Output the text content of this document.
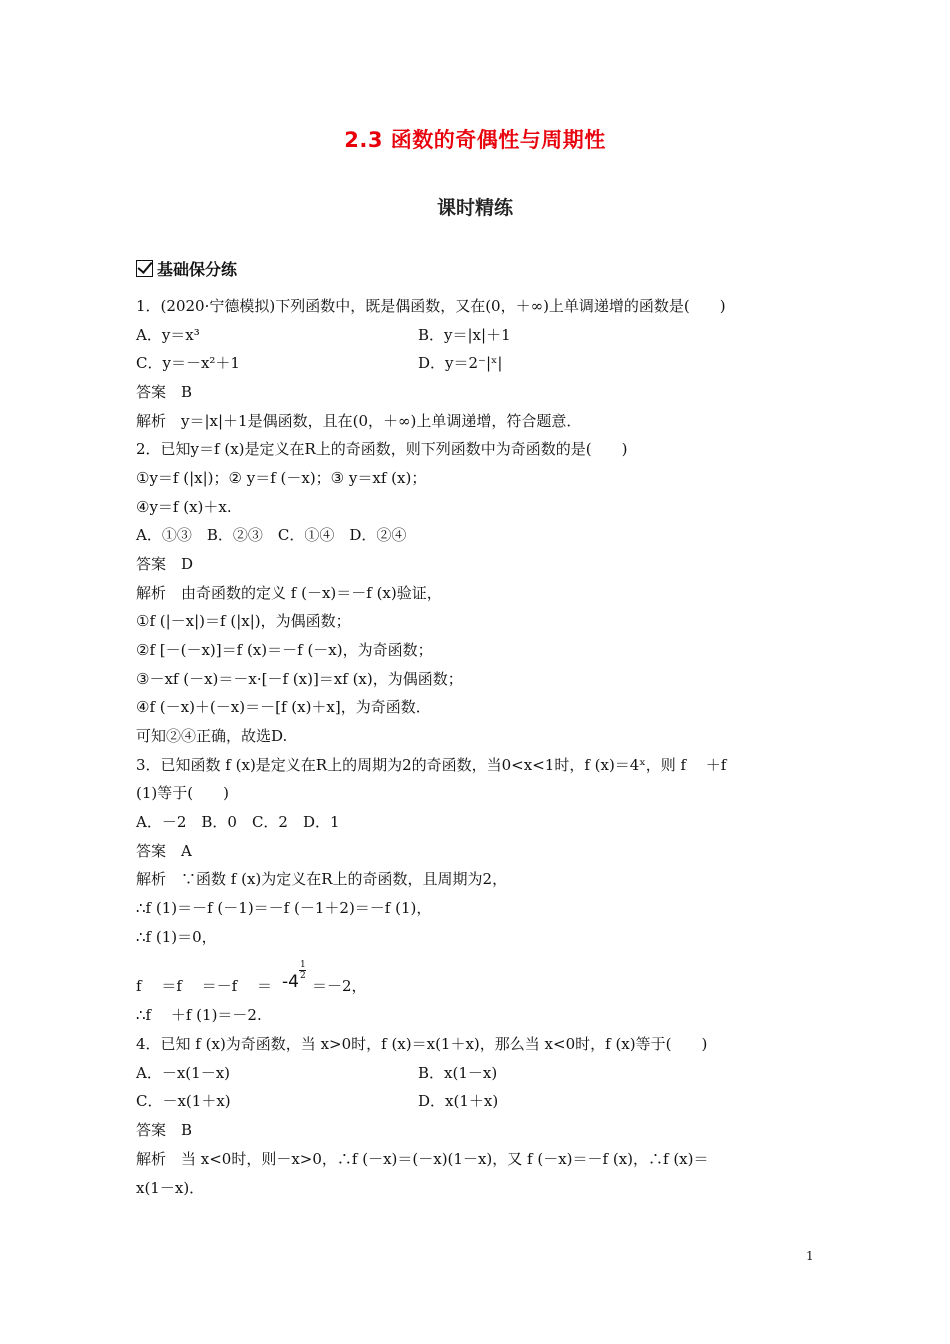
2.3 函数的奇偶性与周期性
课时精练
基础保分练
1．(2020·宁德模拟)下列函数中，既是偶函数，又在(0，＋∞)上单调递增的函数是(　　)
A．y＝x³	B．y＝|x|＋1
C．y＝－x²＋1	D．y＝2⁻|ˣ|
答案　B
解析　y＝|x|＋1是偶函数，且在(0，＋∞)上单调递增，符合题意．
2．已知y＝f (x)是定义在R上的奇函数，则下列函数中为奇函数的是(　　)
①y＝f (|x|)；② y＝f (－x)；③ y＝xf (x)；
④y＝f (x)＋x.
A．①③　B．②③　C．①④　D．②④
答案　D
解析　由奇函数的定义 f (－x)＝－f (x)验证，
①f (|－x|)＝f (|x|)，为偶函数；
②f [－(－x)]＝f (x)＝－f (－x)，为奇函数；
③－xf (－x)＝－x·[－f (x)]＝xf (x)，为偶函数；
④f (－x)＋(－x)＝－[f (x)＋x]，为奇函数．
可知②④正确，故选D.
3．已知函数 f (x)是定义在R上的周期为2的奇函数，当0<x<1时，f (x)＝4ˣ，则 f 　＋f
(1)等于(　　)
A．－2　B．0　C．2　D．1
答案　A
解析　∵函数 f (x)为定义在R上的奇函数，且周期为2，
∴f (1)＝－f (－1)＝－f (－1＋2)＝－f (1)，
∴f (1)＝0，
f 　＝f 　＝－f 　＝	＝－2，
∴f 　＋f (1)＝－2.
4．已知 f (x)为奇函数，当 x>0时，f (x)＝x(1＋x)，那么当 x<0时，f (x)等于(　　)
A．－x(1－x)	B．x(1－x)
C．－x(1＋x)	D．x(1＋x)
答案　B
解析　当 x<0时，则－x>0，∴f (－x)＝(－x)(1－x)，又 f (－x)＝－f (x)，∴f (x)＝
x(1－x)．
-4
1
2
1
